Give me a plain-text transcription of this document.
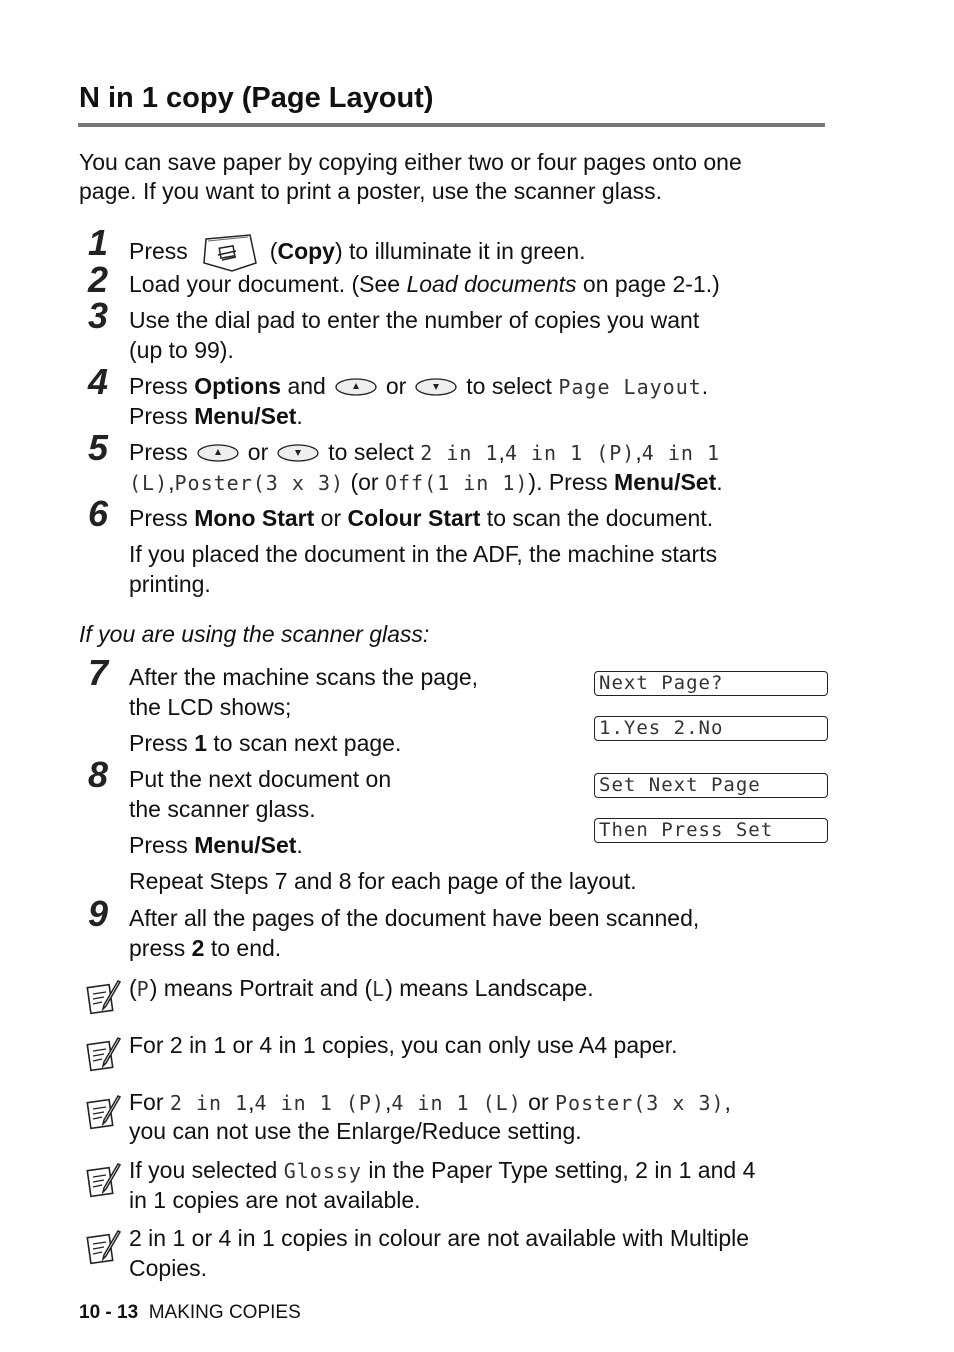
N in 1 copy (Page Layout)
You can save paper by copying either two or four pages onto one
page. If you want to print a poster, use the scanner glass.
1 Press	(Copy) to illuminate it in green.
2 Load your document. (See Load documents on page 2-1.)
3 Use the dial pad to enter the number of copies you want
(up to 99).
4 Press Options and	or	to select Page Layout.
Press Menu/Set.
5 Press	or	to select 2 in 1,4 in 1 (P),4 in 1
(L),Poster(3 x 3) (or Off(1 in 1)). Press Menu/Set.
6 Press Mono Start or Colour Start to scan the document.
If you placed the document in the ADF, the machine starts
printing.
If you are using the scanner glass:
7 After the machine scans the page,
the LCD shows;
Press 1 to scan next page.
Next Page?
1.Yes 2.No
Set Next Page
Then Press Set
8 Put the next document on
the scanner glass.
Press Menu/Set.
Repeat Steps 7 and 8 for each page of the layout.
9 After all the pages of the document have been scanned,
press 2 to end.
(P) means Portrait and (L) means Landscape.
For 2 in 1 or 4 in 1 copies, you can only use A4 paper.
For 2 in 1,4 in 1 (P),4 in 1 (L) or Poster(3 x 3),
you can not use the Enlarge/Reduce setting.
If you selected Glossy in the Paper Type setting, 2 in 1 and 4
in 1 copies are not available.
2 in 1 or 4 in 1 copies in colour are not available with Multiple
Copies.
10 - 13 MAKING COPIES
